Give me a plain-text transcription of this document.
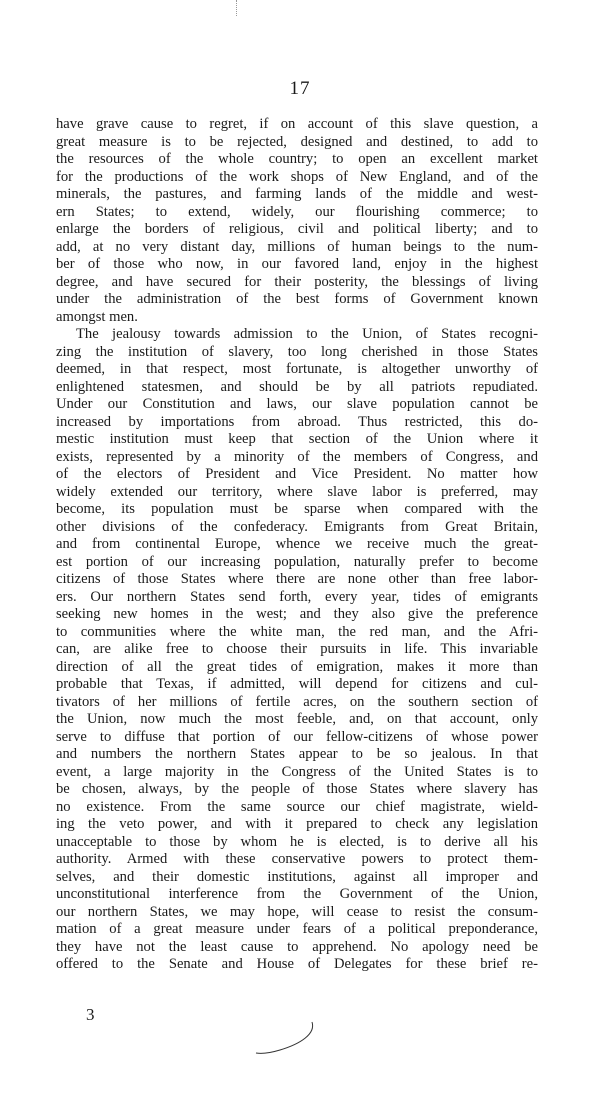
17
have grave cause to regret, if on account of this slave question, a
great measure is to be rejected, designed and destined, to add to
the resources of the whole country; to open an excellent market
for the productions of the work shops of New England, and of the
minerals, the pastures, and farming lands of the middle and west-
ern States; to extend, widely, our flourishing commerce; to
enlarge the borders of religious, civil and political liberty; and to
add, at no very distant day, millions of human beings to the num-
ber of those who now, in our favored land, enjoy in the highest
degree, and have secured for their posterity, the blessings of living
under the administration of the best forms of Government known
amongst men.
The jealousy towards admission to the Union, of States recogni-
zing the institution of slavery, too long cherished in those States
deemed, in that respect, most fortunate, is altogether unworthy of
enlightened statesmen, and should be by all patriots repudiated.
Under our Constitution and laws, our slave population cannot be
increased by importations from abroad. Thus restricted, this do-
mestic institution must keep that section of the Union where it
exists, represented by a minority of the members of Congress, and
of the electors of President and Vice President. No matter how
widely extended our territory, where slave labor is preferred, may
become, its population must be sparse when compared with the
other divisions of the confederacy. Emigrants from Great Britain,
and from continental Europe, whence we receive much the great-
est portion of our increasing population, naturally prefer to become
citizens of those States where there are none other than free labor-
ers. Our northern States send forth, every year, tides of emigrants
seeking new homes in the west; and they also give the preference
to communities where the white man, the red man, and the Afri-
can, are alike free to choose their pursuits in life. This invariable
direction of all the great tides of emigration, makes it more than
probable that Texas, if admitted, will depend for citizens and cul-
tivators of her millions of fertile acres, on the southern section of
the Union, now much the most feeble, and, on that account, only
serve to diffuse that portion of our fellow-citizens of whose power
and numbers the northern States appear to be so jealous. In that
event, a large majority in the Congress of the United States is to
be chosen, always, by the people of those States where slavery has
no existence. From the same source our chief magistrate, wield-
ing the veto power, and with it prepared to check any legislation
unacceptable to those by whom he is elected, is to derive all his
authority. Armed with these conservative powers to protect them-
selves, and their domestic institutions, against all improper and
unconstitutional interference from the Government of the Union,
our northern States, we may hope, will cease to resist the consum-
mation of a great measure under fears of a political preponderance,
they have not the least cause to apprehend. No apology need be
offered to the Senate and House of Delegates for these brief re-
3
